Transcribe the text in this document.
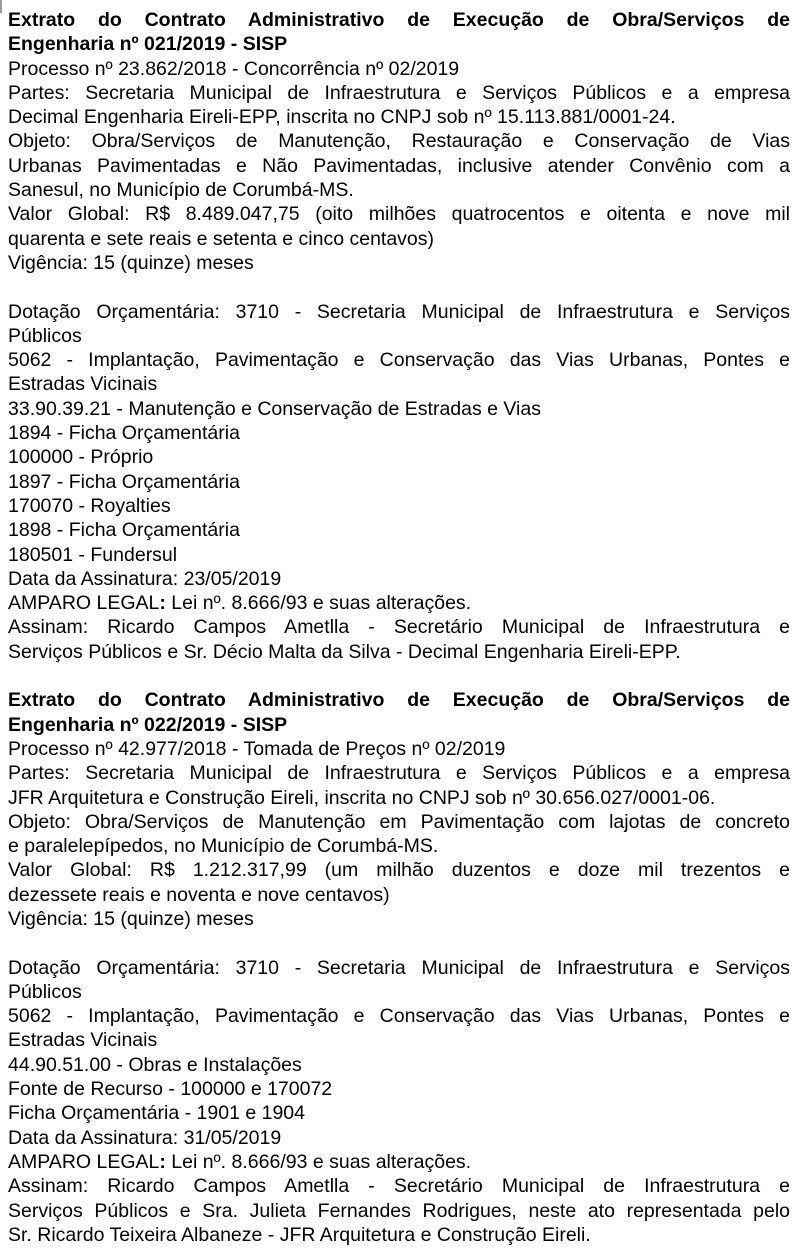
Extrato do Contrato Administrativo de Execução de Obra/Serviços de
Engenharia nº 021/2019 - SISP

Processo nº 23.862/2018 - Concorrência nº 02/2019

Partes: Secretaria Municipal de Infraestrutura e Serviços Públicos e a empresa
Decimal Engenharia Eireli-EPP, inscrita no CNPJ sob nº 15.113.881/0001-24.

Objeto: Obra/Serviços de Manutenção, Restauração e Conservação de Vias
Urbanas Pavimentadas e Não Pavimentadas, inclusive atender Convênio com a
Sanesul, no Município de Corumbá-MS.

Valor Global: R$ 8.489.047,75 (oito milhões quatrocentos e oitenta e nove mil
quarenta e sete reais e setenta e cinco centavos)

Vigência: 15 (quinze) meses

Dotação Orçamentária: 3710 - Secretaria Municipal de Infraestrutura e Serviços
Públicos

5062 - Implantação, Pavimentação e Conservação das Vias Urbanas, Pontes e
Estradas Vicinais

33.90.39.21 - Manutenção e Conservação de Estradas e Vias

1894 - Ficha Orçamentária

100000 - Próprio

1897 - Ficha Orçamentária

170070 - Royalties

1898 - Ficha Orçamentária

180501 - Fundersul

Data da Assinatura: 23/05/2019

AMPARO LEGAL: Lei nº. 8.666/93 e suas alterações.

Assinam: Ricardo Campos Ametlla - Secretário Municipal de Infraestrutura e
Serviços Públicos e Sr. Décio Malta da Silva - Decimal Engenharia Eireli-EPP.

Extrato do Contrato Administrativo de Execução de Obra/Serviços de
Engenharia nº 022/2019 - SISP

Processo nº 42.977/2018 - Tomada de Preços nº 02/2019

Partes: Secretaria Municipal de Infraestrutura e Serviços Públicos e a empresa
JFR Arquitetura e Construção Eireli, inscrita no CNPJ sob nº 30.656.027/0001-06.

Objeto: Obra/Serviços de Manutenção em Pavimentação com lajotas de concreto
e paralelepípedos, no Município de Corumbá-MS.

Valor Global: R$ 1.212.317,99 (um milhão duzentos e doze mil trezentos e
dezessete reais e noventa e nove centavos)

Vigência: 15 (quinze) meses

Dotação Orçamentária: 3710 - Secretaria Municipal de Infraestrutura e Serviços
Públicos

5062 - Implantação, Pavimentação e Conservação das Vias Urbanas, Pontes e
Estradas Vicinais

44.90.51.00 - Obras e Instalações

Fonte de Recurso - 100000 e 170072

Ficha Orçamentária - 1901 e 1904

Data da Assinatura: 31/05/2019

AMPARO LEGAL: Lei nº. 8.666/93 e suas alterações.

Assinam: Ricardo Campos Ametlla - Secretário Municipal de Infraestrutura e
Serviços Públicos e Sra. Julieta Fernandes Rodrigues, neste ato representada pelo
Sr. Ricardo Teixeira Albaneze - JFR Arquitetura e Construção Eireli.
